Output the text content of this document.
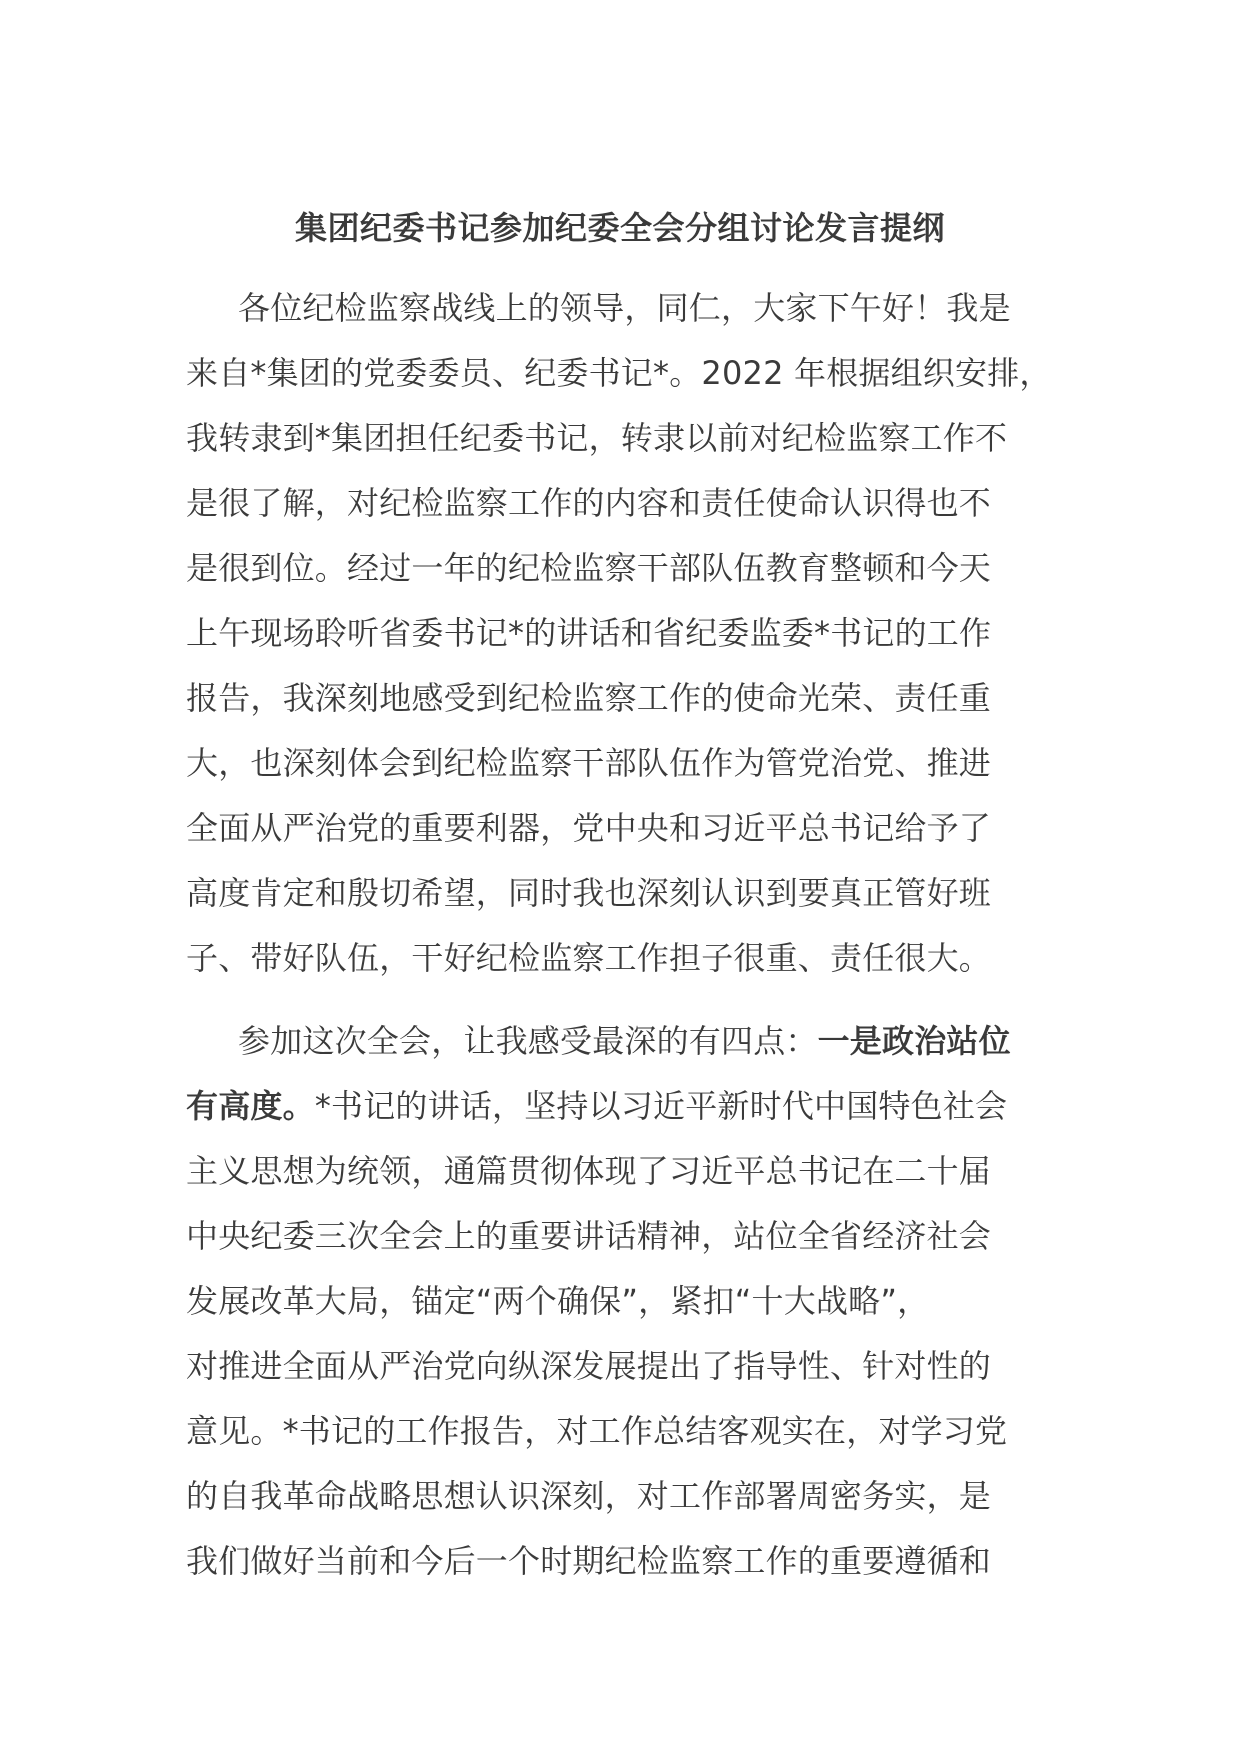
集团纪委书记参加纪委全会分组讨论发言提纲
各位纪检监察战线上的领导，同仁，大家下午好！我是
来自*集团的党委委员、纪委书记*。2022 年根据组织安排，
我转隶到*集团担任纪委书记，转隶以前对纪检监察工作不
是很了解，对纪检监察工作的内容和责任使命认识得也不
是很到位。经过一年的纪检监察干部队伍教育整顿和今天
上午现场聆听省委书记*的讲话和省纪委监委*书记的工作
报告，我深刻地感受到纪检监察工作的使命光荣、责任重
大，也深刻体会到纪检监察干部队伍作为管党治党、推进
全面从严治党的重要利器，党中央和习近平总书记给予了
高度肯定和殷切希望，同时我也深刻认识到要真正管好班
子、带好队伍，干好纪检监察工作担子很重、责任很大。
参加这次全会，让我感受最深的有四点：一是政治站位
有高度。*书记的讲话，坚持以习近平新时代中国特色社会
主义思想为统领，通篇贯彻体现了习近平总书记在二十届
中央纪委三次全会上的重要讲话精神，站位全省经济社会
发展改革大局，锚定“两个确保”，紧扣“十大战略”，
对推进全面从严治党向纵深发展提出了指导性、针对性的
意见。*书记的工作报告，对工作总结客观实在，对学习党
的自我革命战略思想认识深刻，对工作部署周密务实，是
我们做好当前和今后一个时期纪检监察工作的重要遵循和
